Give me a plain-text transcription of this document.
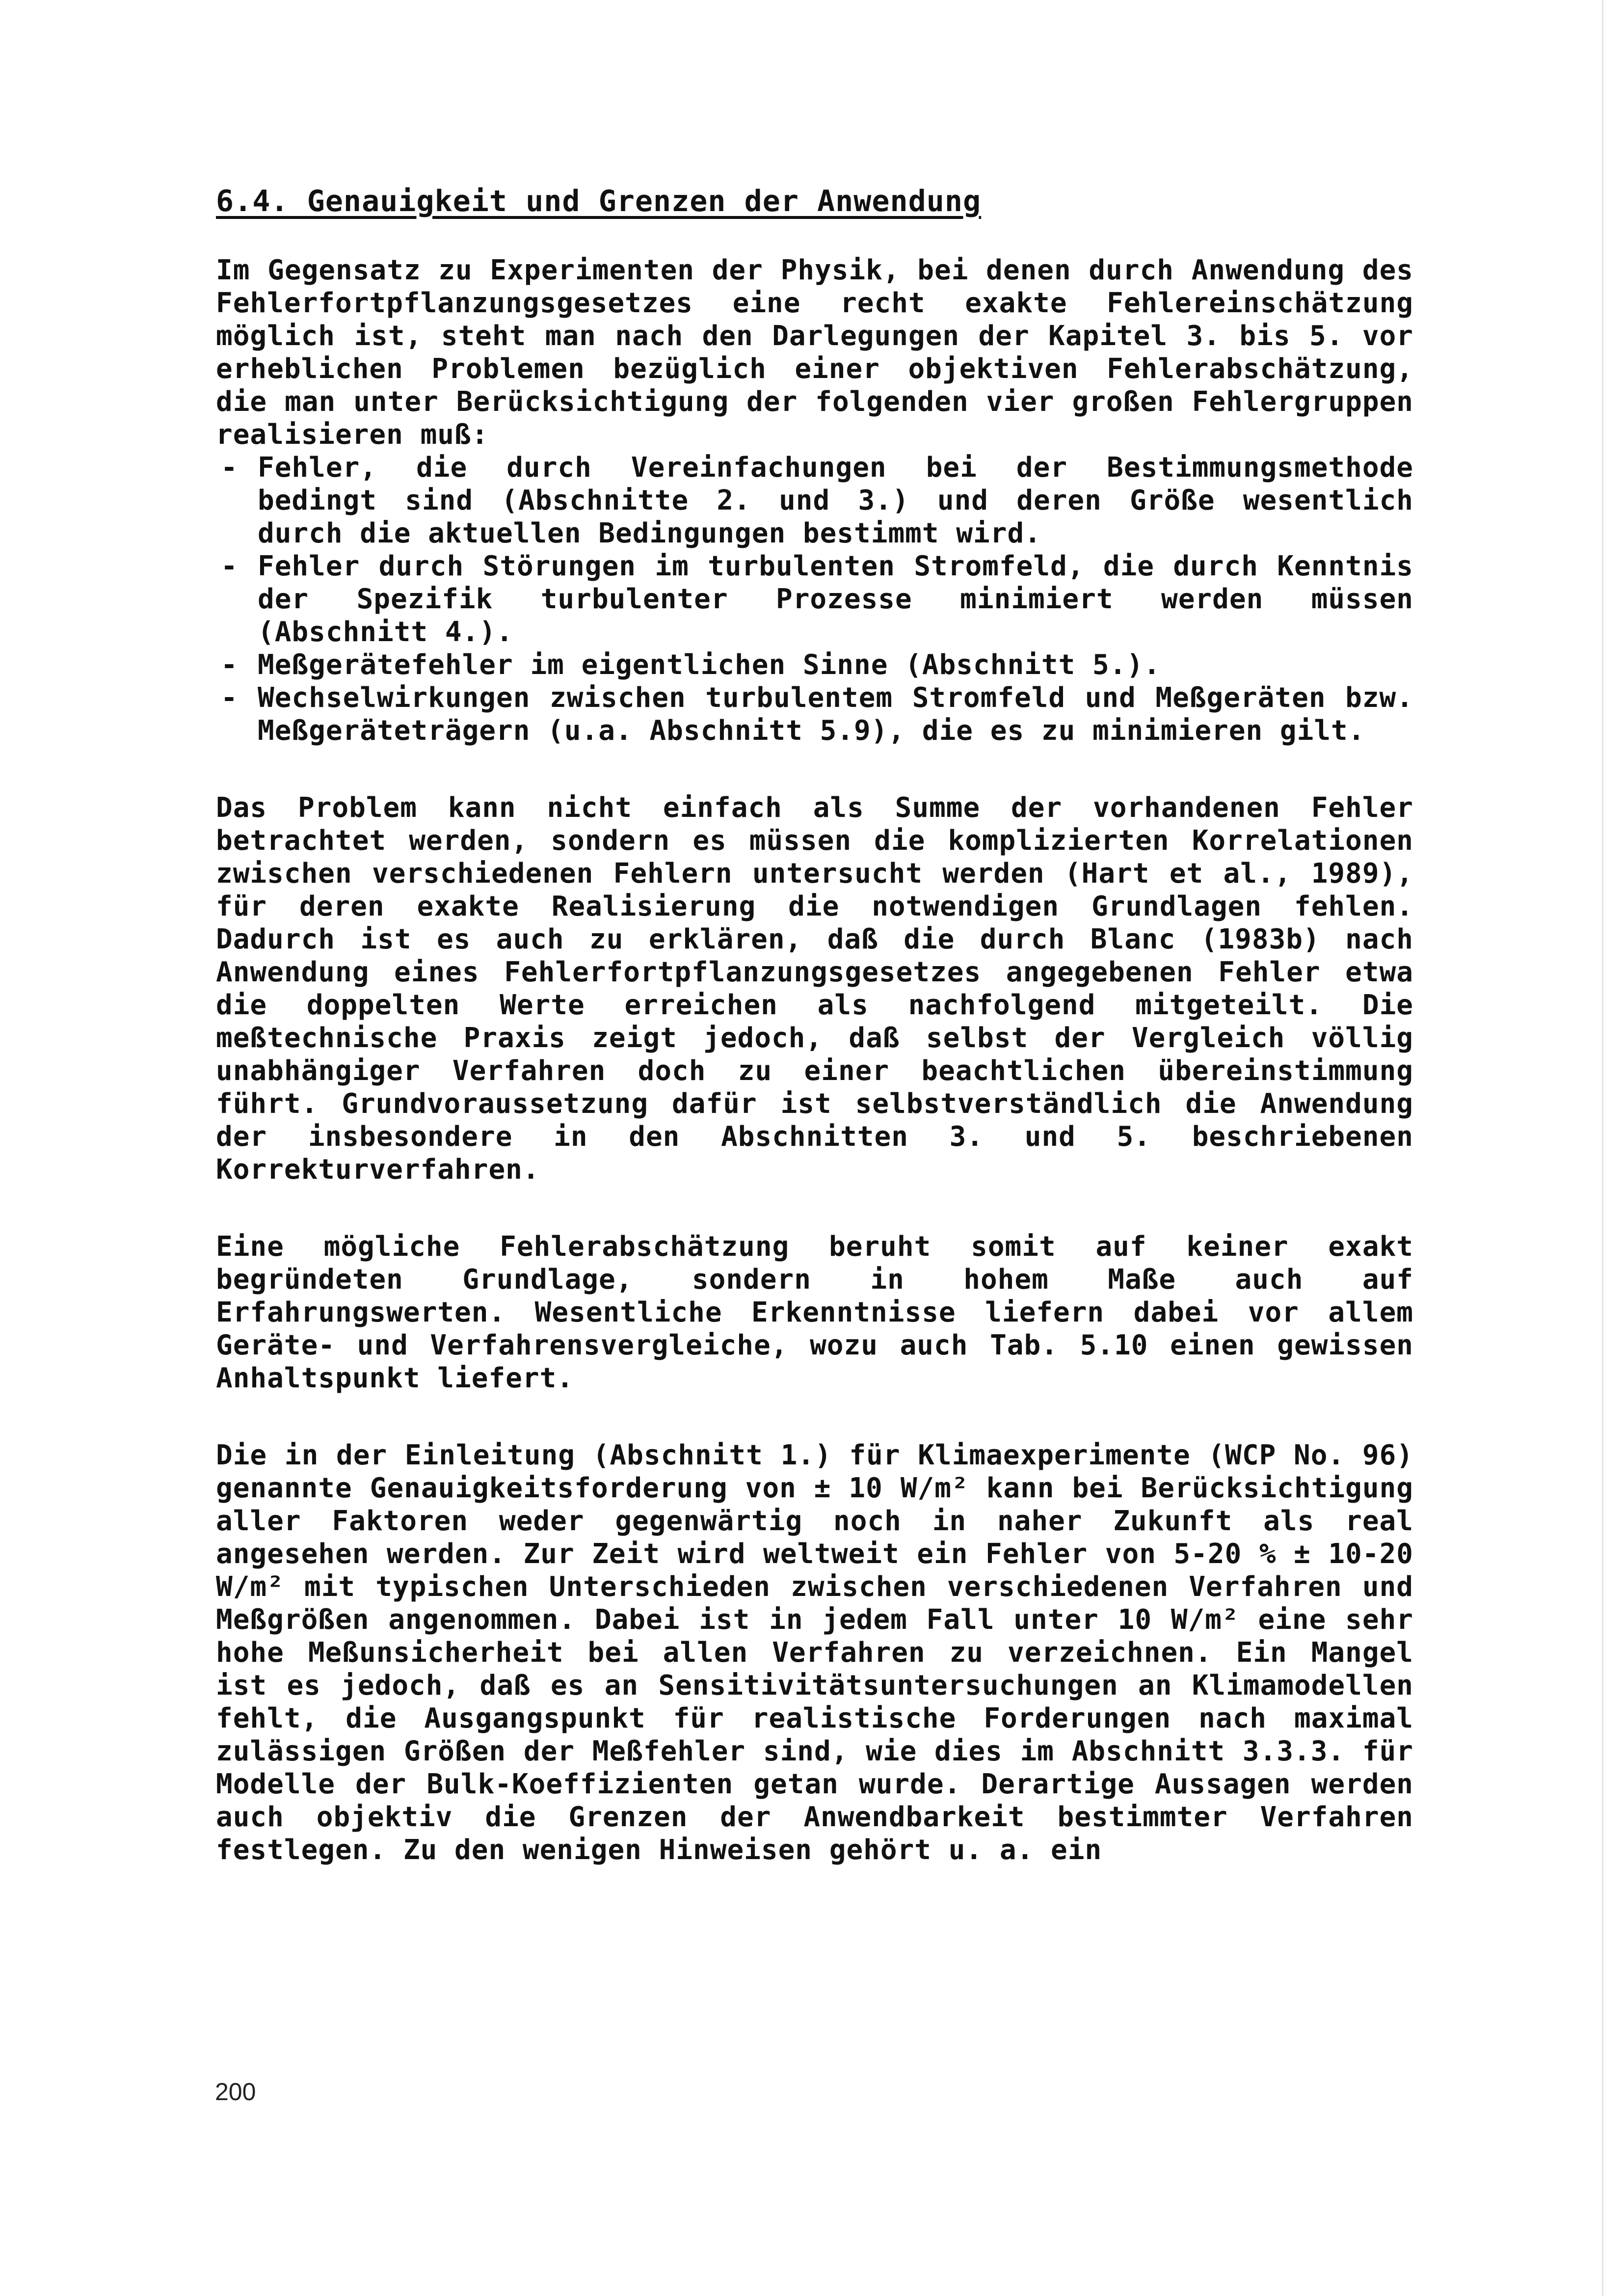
6.4. Genauigkeit und Grenzen der Anwendung

Im Gegensatz zu Experimenten der Physik, bei denen durch Anwendung des Fehlerfortpflanzungsgesetzes eine recht exakte Fehlereinschätzung möglich ist, steht man nach den Darlegungen der Kapitel 3. bis 5. vor erheblichen Problemen bezüglich einer objektiven Fehlerabschätzung, die man unter Berücksichtigung der folgenden vier großen Fehlergruppen realisieren muß:

- Fehler, die durch Vereinfachungen bei der Bestimmungsmethode bedingt sind (Abschnitte 2. und 3.) und deren Größe wesentlich durch die aktuellen Bedingungen bestimmt wird.
- Fehler durch Störungen im turbulenten Stromfeld, die durch Kenntnis der Spezifik turbulenter Prozesse minimiert werden müssen (Abschnitt 4.).
- Meßgerätefehler im eigentlichen Sinne (Abschnitt 5.).
- Wechselwirkungen zwischen turbulentem Stromfeld und Meßgeräten bzw. Meßgeräteträgern (u.a. Abschnitt 5.9), die es zu minimieren gilt.

Das Problem kann nicht einfach als Summe der vorhandenen Fehler betrachtet werden, sondern es müssen die komplizierten Korrelationen zwischen verschiedenen Fehlern untersucht werden (Hart et al., 1989), für deren exakte Realisierung die notwendigen Grundlagen fehlen. Dadurch ist es auch zu erklären, daß die durch Blanc (1983b) nach Anwendung eines Fehlerfortpflanzungsgesetzes angegebenen Fehler etwa die doppelten Werte erreichen als nachfolgend mitgeteilt. Die meßtechnische Praxis zeigt jedoch, daß selbst der Vergleich völlig unabhängiger Verfahren doch zu einer beachtlichen übereinstimmung führt. Grundvoraussetzung dafür ist selbstverständlich die Anwendung der insbesondere in den Abschnitten 3. und 5. beschriebenen Korrekturverfahren.

Eine mögliche Fehlerabschätzung beruht somit auf keiner exakt begründeten Grundlage, sondern in hohem Maße auch auf Erfahrungswerten. Wesentliche Erkenntnisse liefern dabei vor allem Geräte- und Verfahrensvergleiche, wozu auch Tab. 5.10 einen gewissen Anhaltspunkt liefert.

Die in der Einleitung (Abschnitt 1.) für Klimaexperimente (WCP No. 96) genannte Genauigkeitsforderung von ± 10 W/m² kann bei Berücksichtigung aller Faktoren weder gegenwärtig noch in naher Zukunft als real angesehen werden. Zur Zeit wird weltweit ein Fehler von 5-20 % ± 10-20 W/m² mit typischen Unterschieden zwischen verschiedenen Verfahren und Meßgrößen angenommen. Dabei ist in jedem Fall unter 10 W/m² eine sehr hohe Meßunsicherheit bei allen Verfahren zu verzeichnen. Ein Mangel ist es jedoch, daß es an Sensitivitätsuntersuchungen an Klimamodellen fehlt, die Ausgangspunkt für realistische Forderungen nach maximal zulässigen Größen der Meßfehler sind, wie dies im Abschnitt 3.3.3. für Modelle der Bulk-Koeffizienten getan wurde. Derartige Aussagen werden auch objektiv die Grenzen der Anwendbarkeit bestimmter Verfahren festlegen. Zu den wenigen Hinweisen gehört u. a. ein

200
